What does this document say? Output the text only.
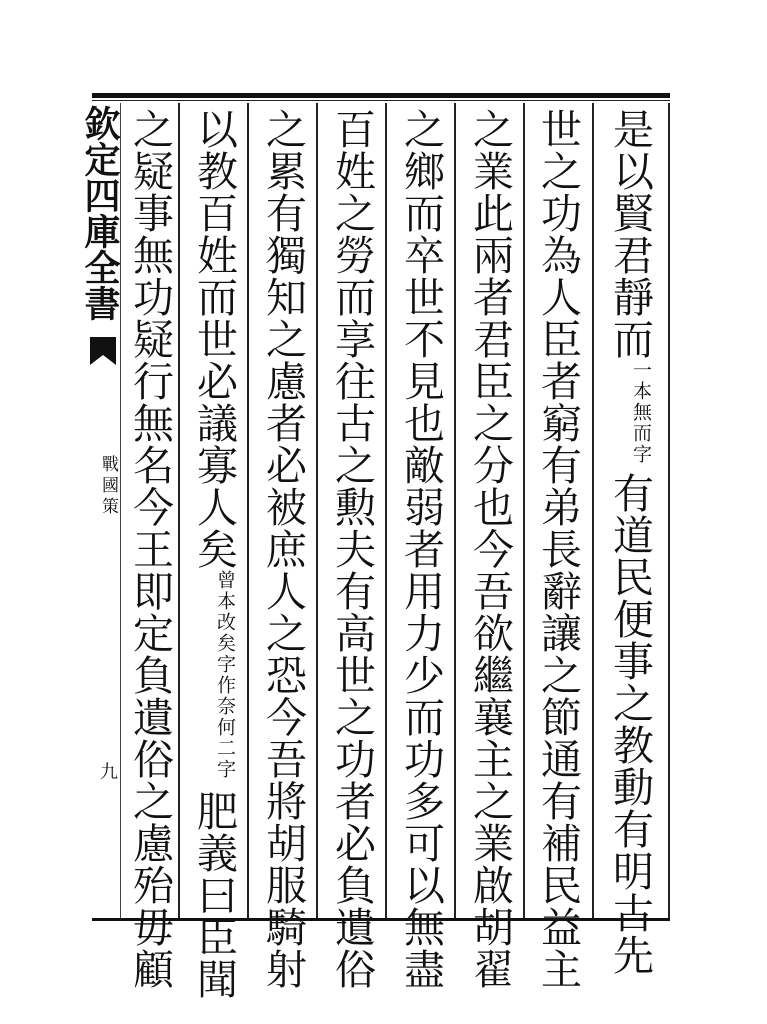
欽定四庫全書
戰國策
九
是以賢君靜而一本無而字有道民便事之教動有明古先
世之功為人臣者窮有弟長辭讓之節通有補民益主
之業此兩者君臣之分也今吾欲繼襄主之業啟胡翟
之鄉而卒世不見也敵弱者用力少而功多可以無盡
百姓之勞而享往古之勲夫有高世之功者必負遺俗
之累有獨知之慮者必被庶人之恐今吾將胡服騎射
以教百姓而世必議寡人矣曾本改矣字作奈何二字肥義曰臣聞
之疑事無功疑行無名今王即定負遺俗之慮殆毋顧
